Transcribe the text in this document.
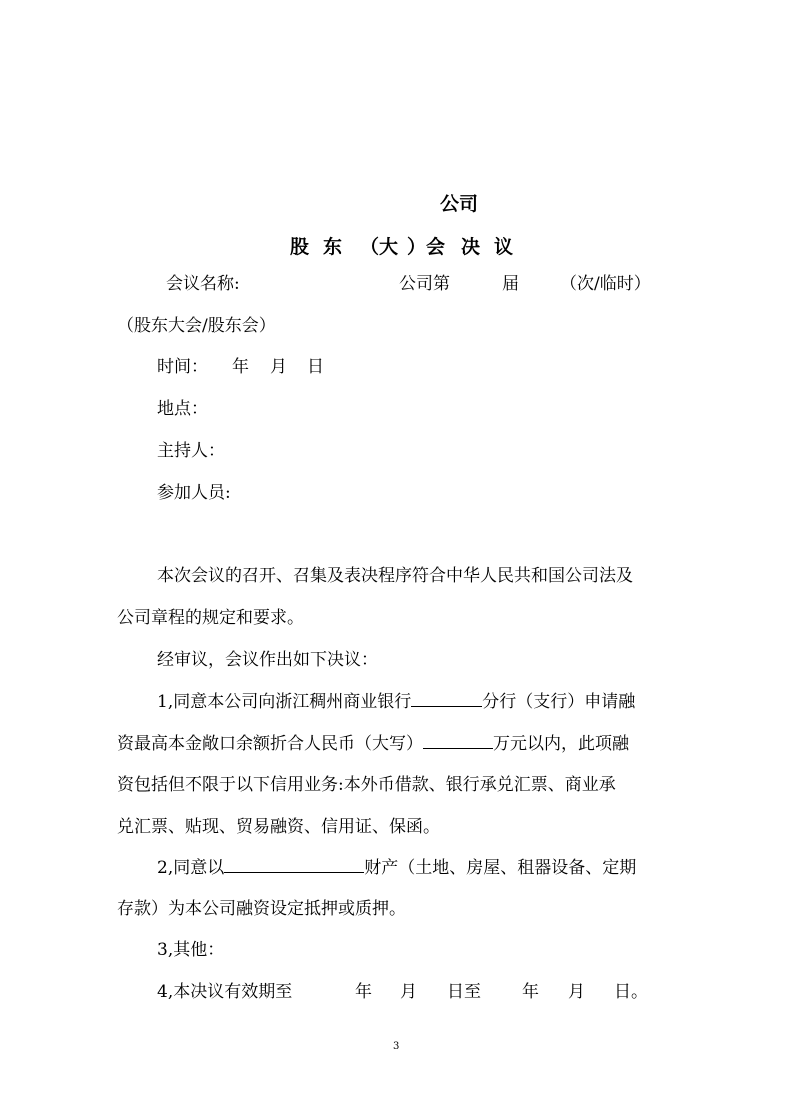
公司
股 东 （大 ）会 决 议
会议名称:	公司第	届 （次/临时）
（股东大会/股东会）
时间： 年 月 日
地点：
主持人：
参加人员:
本次会议的召开、召集及表决程序符合中华人民共和国公司法及
公司章程的规定和要求。
经审议，会议作出如下决议：
1,同意本公司向浙江稠州商业银行	分行（支行）申请融
资最高本金敞口余额折合人民币（大写）	万元以内，此项融
资包括但不限于以下信用业务:本外币借款、银行承兑汇票、商业承
兑汇票、贴现、贸易融资、信用证、保函。
2,同意以	财产（土地、房屋、租器设备、定期
存款）为本公司融资设定抵押或质押。
3,其他：
4,本决议有效期至	年 月 日至 年 月 日。
3
